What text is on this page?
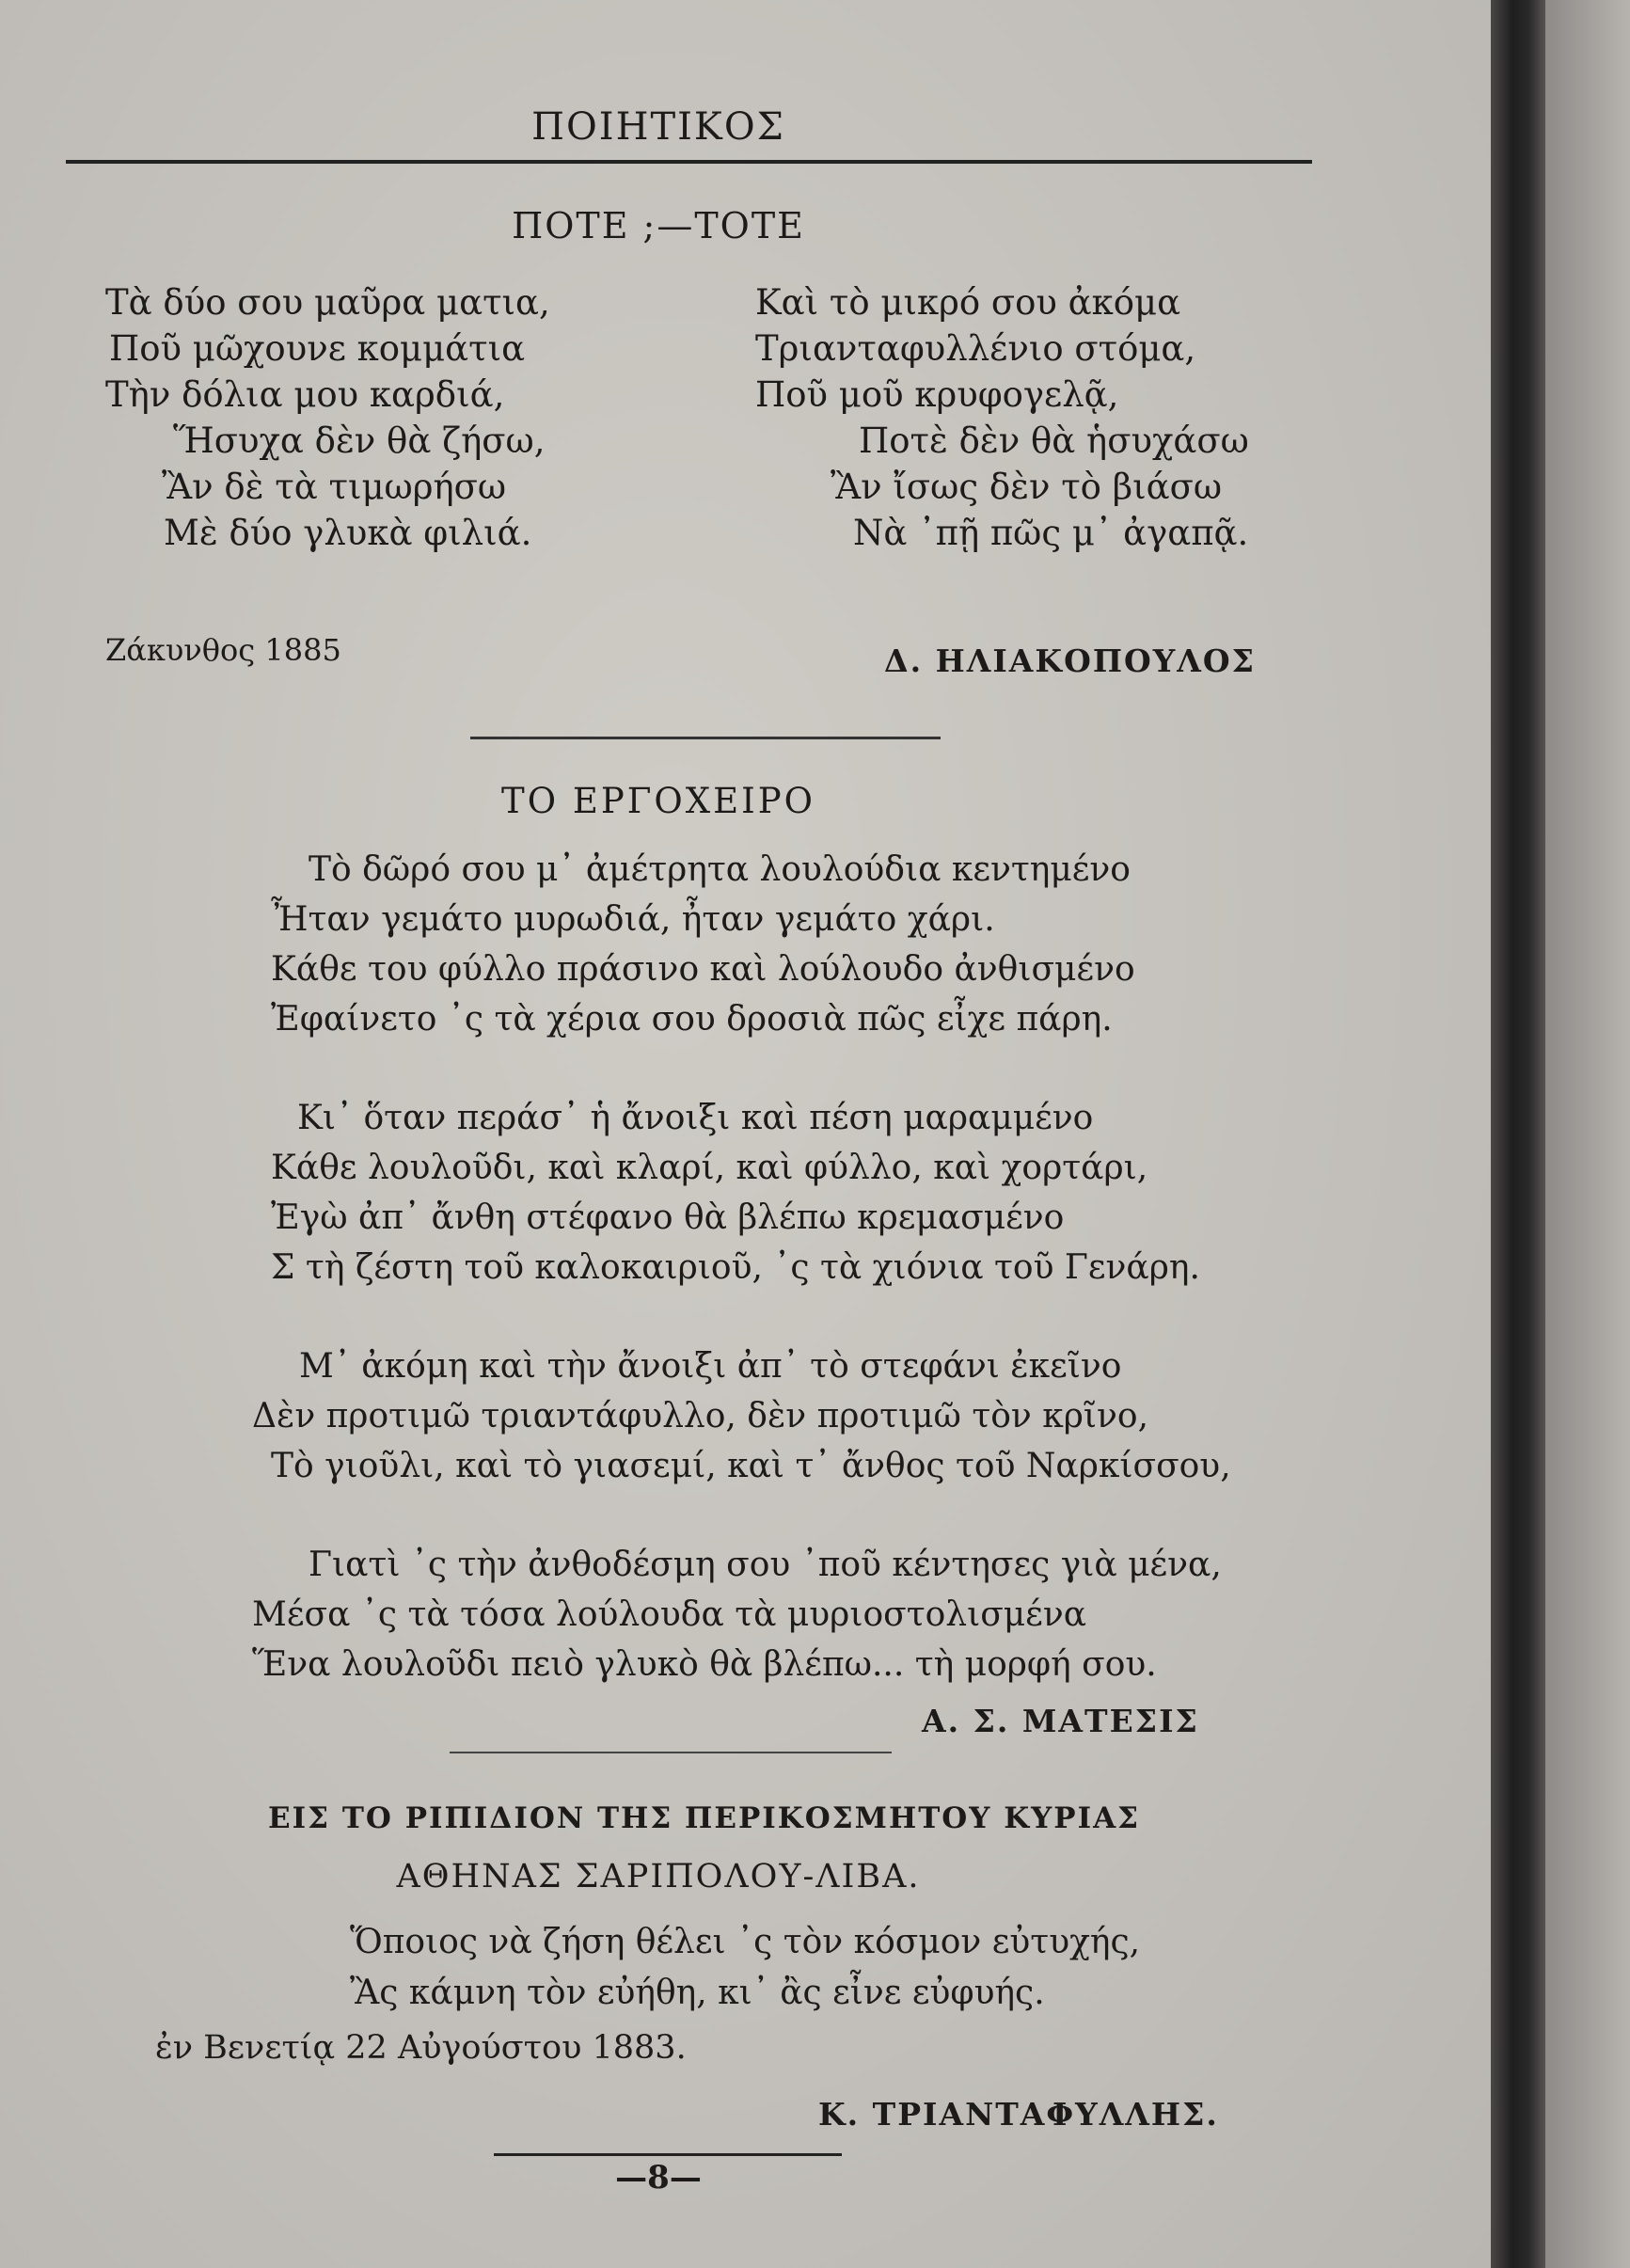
ΠΟΙΗΤΙΚΟΣ
ΠΟΤΕ ;—ΤΟΤΕ
Τὰ δύο σου μαῦρα ματια,
Ποῦ μῶχουνε κομμάτια
Τὴν δόλια μου καρδιά,
Ἥσυχα δὲν θὰ ζήσω,
Ἂν δὲ τὰ τιμωρήσω
Μὲ δύο γλυκὰ φιλιά.
Καὶ τὸ μικρό σου ἀκόμα
Τριανταφυλλένιο στόμα,
Ποῦ μοῦ κρυφογελᾷ,
Ποτὲ δὲν θὰ ἡσυχάσω
Ἂν ἴσως δὲν τὸ βιάσω
Νὰ ᾽πῇ πῶς μ᾽ ἀγαπᾷ.
Ζάκυνθος 1885	Δ. ΗΛΙΑΚΟΠΟΥΛΟΣ
ΤΟ ΕΡΓΟΧΕΙΡΟ
Τὸ δῶρό σου μ᾽ ἀμέτρητα λουλούδια κεντημένο
Ἦταν γεμάτο μυρωδιά, ἦταν γεμάτο χάρι.
Κάθε του φύλλο πράσινο καὶ λούλουδο ἀνθισμένο
Ἐφαίνετο ᾽ς τὰ χέρια σου δροσιὰ πῶς εἶχε πάρη.
Κι᾽ ὅταν περάσ᾽ ἡ ἄνοιξι καὶ πέση μαραμμένο
Κάθε λουλοῦδι, καὶ κλαρί, καὶ φύλλο, καὶ χορτάρι,
Ἐγὼ ἀπ᾽ ἄνθη στέφανο θὰ βλέπω κρεμασμένο
Σ τὴ ζέστη τοῦ καλοκαιριοῦ, ᾽ς τὰ χιόνια τοῦ Γενάρη.
Μ᾽ ἀκόμη καὶ τὴν ἄνοιξι ἀπ᾽ τὸ στεφάνι ἐκεῖνο
Δὲν προτιμῶ τριαντάφυλλο, δὲν προτιμῶ τὸν κρῖνο,
Τὸ γιοῦλι, καὶ τὸ γιασεμί, καὶ τ᾽ ἄνθος τοῦ Ναρκίσσου,
Γιατὶ ᾽ς τὴν ἀνθοδέσμη σου ᾽ποῦ κέντησες γιὰ μένα,
Μέσα ᾽ς τὰ τόσα λούλουδα τὰ μυριοστολισμένα
Ἕνα λουλοῦδι πειὸ γλυκὸ θὰ βλέπω... τὴ μορφή σου.
Α. Σ. ΜΑΤΕΣΙΣ
ΕΙΣ ΤΟ ΡΙΠΙΔΙΟΝ ΤΗΣ ΠΕΡΙΚΟΣΜΗΤΟΥ ΚΥΡΙΑΣ
ΑΘΗΝΑΣ ΣΑΡΙΠΟΛΟΥ-ΛΙΒΑ.
Ὅποιος νὰ ζήση θέλει ᾽ς τὸν κόσμον εὐτυχής,
Ἂς κάμνη τὸν εὐήθη, κι᾽ ἂς εἶνε εὐφυής.
ἐν Βενετίᾳ 22 Αὐγούστου 1883.
Κ. ΤΡΙΑΝΤΑΦΥΛΛΗΣ.
—8—
